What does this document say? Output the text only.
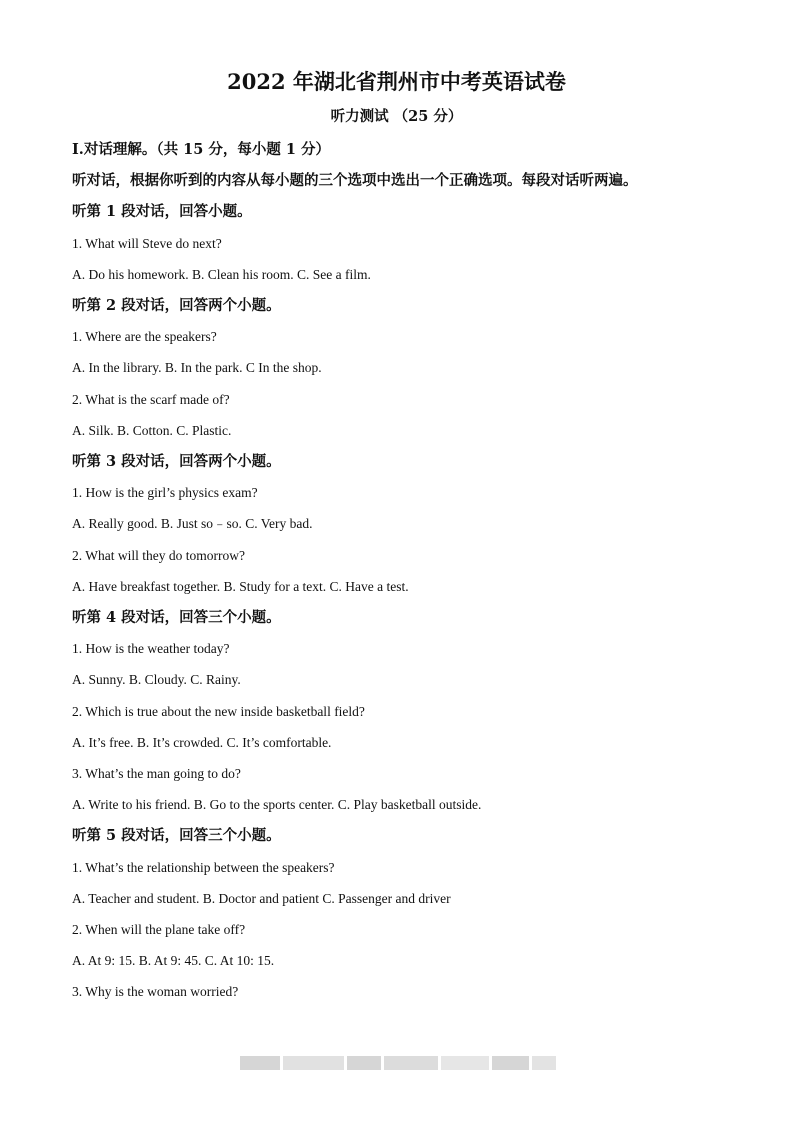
2022 年湖北省荆州市中考英语试卷
听力测试 （25 分）
Ⅰ.对话理解。（共 15 分，每小题 1 分）
听对话，根据你听到的内容从每小题的三个选项中选出一个正确选项。每段对话听两遍。
听第 1 段对话，回答小题。
1. What will Steve do next?
A. Do his homework. B. Clean his room. C. See a film.
听第 2 段对话，回答两个小题。
1. Where are the speakers?
A. In the library. B. In the park. C In the shop.
2. What is the scarf made of?
A. Silk. B. Cotton. C. Plastic.
听第 3 段对话，回答两个小题。
1. How is the girl’s physics exam?
A. Really good. B. Just so﹣so. C. Very bad.
2. What will they do tomorrow?
A. Have breakfast together. B. Study for a text. C. Have a test.
听第 4 段对话，回答三个小题。
1. How is the weather today?
A. Sunny. B. Cloudy. C. Rainy.
2. Which is true about the new inside basketball field?
A. It’s free. B. It’s crowded. C. It’s comfortable.
3. What’s the man going to do?
A. Write to his friend. B. Go to the sports center. C. Play basketball outside.
听第 5 段对话，回答三个小题。
1. What’s the relationship between the speakers?
A. Teacher and student. B. Doctor and patient C. Passenger and driver
2. When will the plane take off?
A. At 9: 15. B. At 9: 45. C. At 10: 15.
3. Why is the woman worried?
